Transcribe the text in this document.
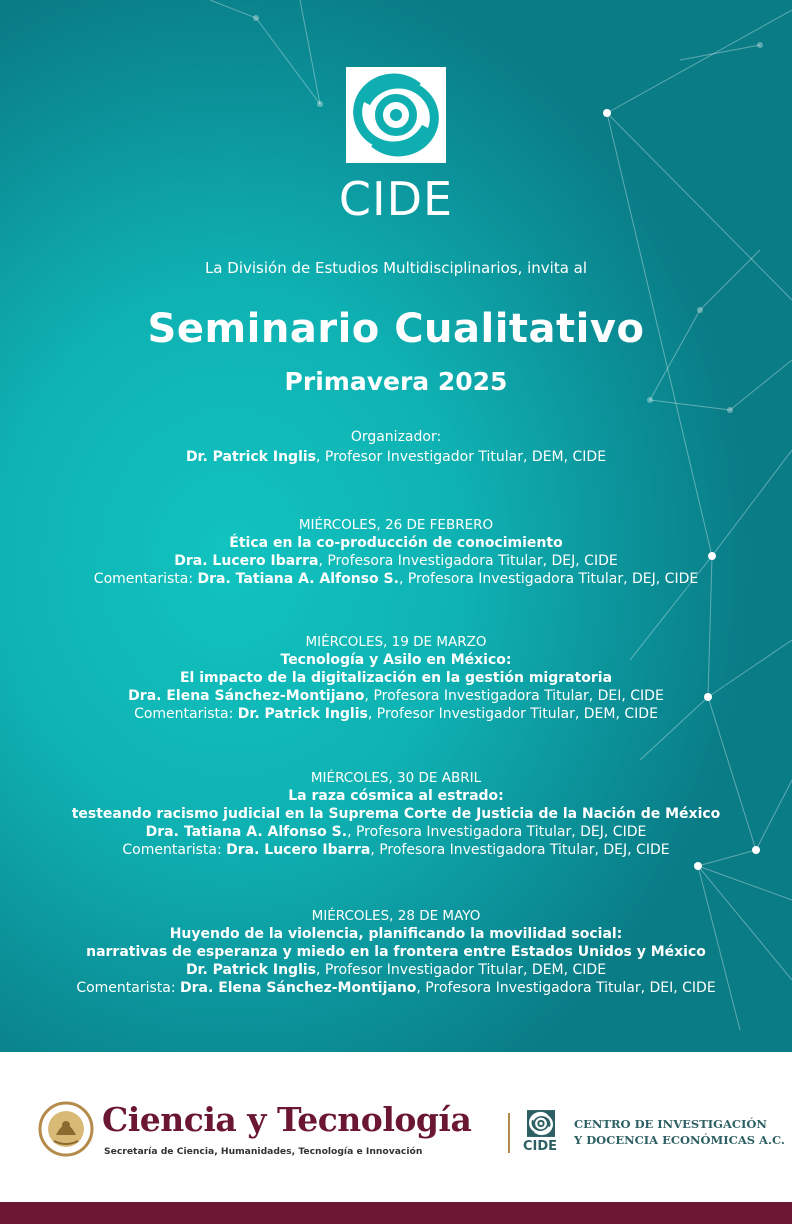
CIDE
La División de Estudios Multidisciplinarios, invita al
Seminario Cualitativo
Primavera 2025
Organizador:
Dr. Patrick Inglis, Profesor Investigador Titular, DEM, CIDE
MIÉRCOLES, 26 DE FEBRERO
Ética en la co-producción de conocimiento
Dra. Lucero Ibarra, Profesora Investigadora Titular, DEJ, CIDE
Comentarista: Dra. Tatiana A. Alfonso S., Profesora Investigadora Titular, DEJ, CIDE
MIÉRCOLES, 19 DE MARZO
Tecnología y Asilo en México:
El impacto de la digitalización en la gestión migratoria
Dra. Elena Sánchez-Montijano, Profesora Investigadora Titular, DEI, CIDE
Comentarista: Dr. Patrick Inglis, Profesor Investigador Titular, DEM, CIDE
MIÉRCOLES, 30 DE ABRIL
La raza cósmica al estrado:
testeando racismo judicial en la Suprema Corte de Justicia de la Nación de México
Dra. Tatiana A. Alfonso S., Profesora Investigadora Titular, DEJ, CIDE
Comentarista: Dra. Lucero Ibarra, Profesora Investigadora Titular, DEJ, CIDE
MIÉRCOLES, 28 DE MAYO
Huyendo de la violencia, planificando la movilidad social:
narrativas de esperanza y miedo en la frontera entre Estados Unidos y México
Dr. Patrick Inglis, Profesor Investigador Titular, DEM, CIDE
Comentarista: Dra. Elena Sánchez-Montijano, Profesora Investigadora Titular, DEI, CIDE
Ciencia y Tecnología
Secretaría de Ciencia, Humanidades, Tecnología e Innovación	CIDE
CENTRO DE INVESTIGACIÓN
Y DOCENCIA ECONÓMICAS A.C.
